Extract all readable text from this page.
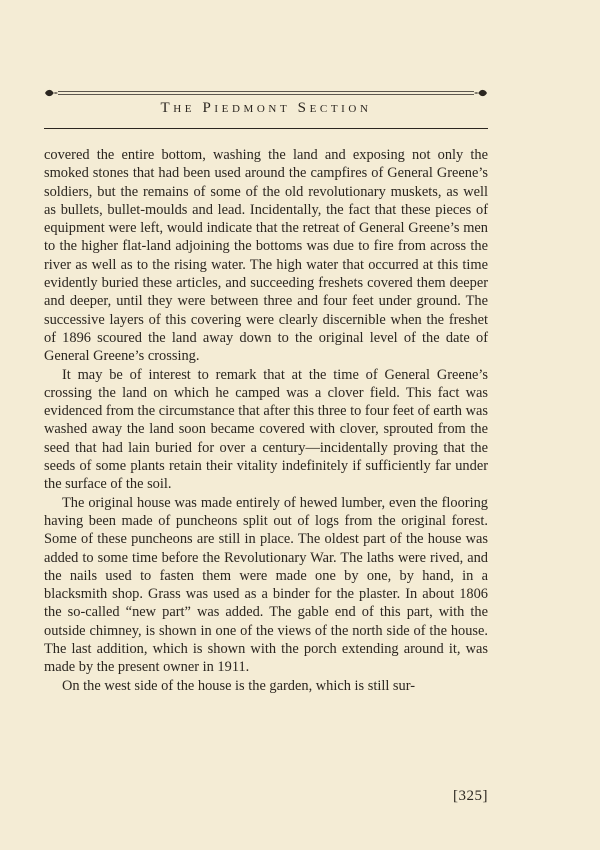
The Piedmont Section

covered the entire bottom, washing the land and exposing not only the smoked stones that had been used around the campfires of General Greene’s soldiers, but the remains of some of the old revolutionary muskets, as well as bullets, bullet-moulds and lead. Incidentally, the fact that these pieces of equipment were left, would indicate that the retreat of General Greene’s men to the higher flat-land adjoining the bottoms was due to fire from across the river as well as to the rising water. The high water that occurred at this time evidently buried these articles, and succeeding freshets covered them deeper and deeper, until they were between three and four feet under ground. The successive layers of this covering were clearly discernible when the freshet of 1896 scoured the land away down to the original level of the date of General Greene’s crossing.

It may be of interest to remark that at the time of General Greene’s crossing the land on which he camped was a clover field. This fact was evidenced from the circumstance that after this three to four feet of earth was washed away the land soon became covered with clover, sprouted from the seed that had lain buried for over a century—incidentally proving that the seeds of some plants retain their vitality indefinitely if sufficiently far under the surface of the soil.

The original house was made entirely of hewed lumber, even the flooring having been made of puncheons split out of logs from the original forest. Some of these puncheons are still in place. The oldest part of the house was added to some time before the Revolutionary War. The laths were rived, and the nails used to fasten them were made one by one, by hand, in a blacksmith shop. Grass was used as a binder for the plaster. In about 1806 the so-called “new part” was added. The gable end of this part, with the outside chimney, is shown in one of the views of the north side of the house. The last addition, which is shown with the porch extending around it, was made by the present owner in 1911.

On the west side of the house is the garden, which is still sur-

[325]
